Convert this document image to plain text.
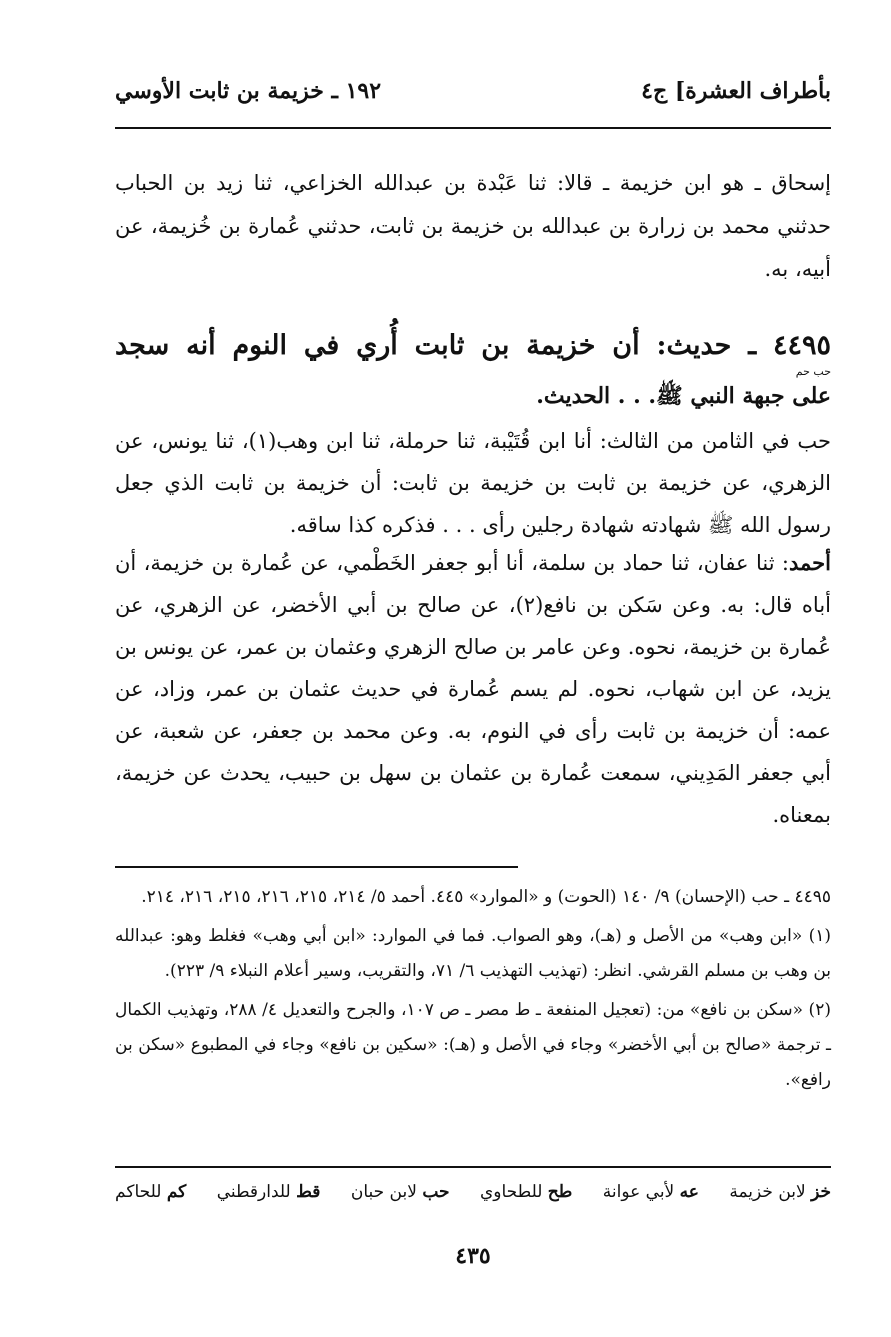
بأطراف العشرة] ج٤
١٩٢ ـ خزيمة بن ثابت الأوسي

إسحاق ـ هو ابن خزيمة ـ قالا: ثنا عَبْدة بن عبدالله الخزاعي، ثنا زيد بن الحباب حدثني محمد بن زرارة بن عبدالله بن خزيمة بن ثابت، حدثني عُمارة بن خُزيمة، عن أبيه، به.

٤٤٩٥ ـ حديث: أن خزيمة بن ثابت أُري في النوم أنه سجد
حب حم
على جبهة النبي ﷺ. . . الحديث.

حب في الثامن من الثالث: أنا ابن قُتَيْبة، ثنا حرملة، ثنا ابن وهب(١)، ثنا يونس، عن الزهري، عن خزيمة بن ثابت بن خزيمة بن ثابت: أن خزيمة بن ثابت الذي جعل رسول الله ﷺ شهادته شهادة رجلين رأى . . . فذكره كذا ساقه.

أحمد: ثنا عفان، ثنا حماد بن سلمة، أنا أبو جعفر الخَطْمي، عن عُمارة بن خزيمة، أن أباه قال: به. وعن سَكن بن نافع(٢)، عن صالح بن أبي الأخضر، عن الزهري، عن عُمارة بن خزيمة، نحوه. وعن عامر بن صالح الزهري وعثمان بن عمر، عن يونس بن يزيد، عن ابن شهاب، نحوه. لم يسم عُمارة في حديث عثمان بن عمر، وزاد، عن عمه: أن خزيمة بن ثابت رأى في النوم، به. وعن محمد بن جعفر، عن شعبة، عن أبي جعفر المَدِيني، سمعت عُمارة بن عثمان بن سهل بن حبيب، يحدث عن خزيمة، بمعناه.

٤٤٩٥ ـ حب (الإحسان) ٩/ ١٤٠ (الحوت) و «الموارد» ٤٤٥. أحمد ٥/ ٢١٤، ٢١٥، ٢١٦، ٢١٥، ٢١٦، ٢١٤.

(١) «ابن وهب» من الأصل و (هـ)، وهو الصواب. فما في الموارد: «ابن أبي وهب» فغلط وهو: عبدالله بن وهب بن مسلم القرشي. انظر: (تهذيب التهذيب ٦/ ٧١، والتقريب، وسير أعلام النبلاء ٩/ ٢٢٣).

(٢) «سكن بن نافع» من: (تعجيل المنفعة ـ ط مصر ـ ص ١٠٧، والجرح والتعديل ٤/ ٢٨٨، وتهذيب الكمال ـ ترجمة «صالح بن أبي الأخضر» وجاء في الأصل و (هـ): «سكين بن نافع» وجاء في المطبوع «سكن بن رافع».

خز لابن خزيمة
عه لأبي عوانة
طح للطحاوي
حب لابن حبان
قط للدارقطني
كم للحاكم
٤٣٥
